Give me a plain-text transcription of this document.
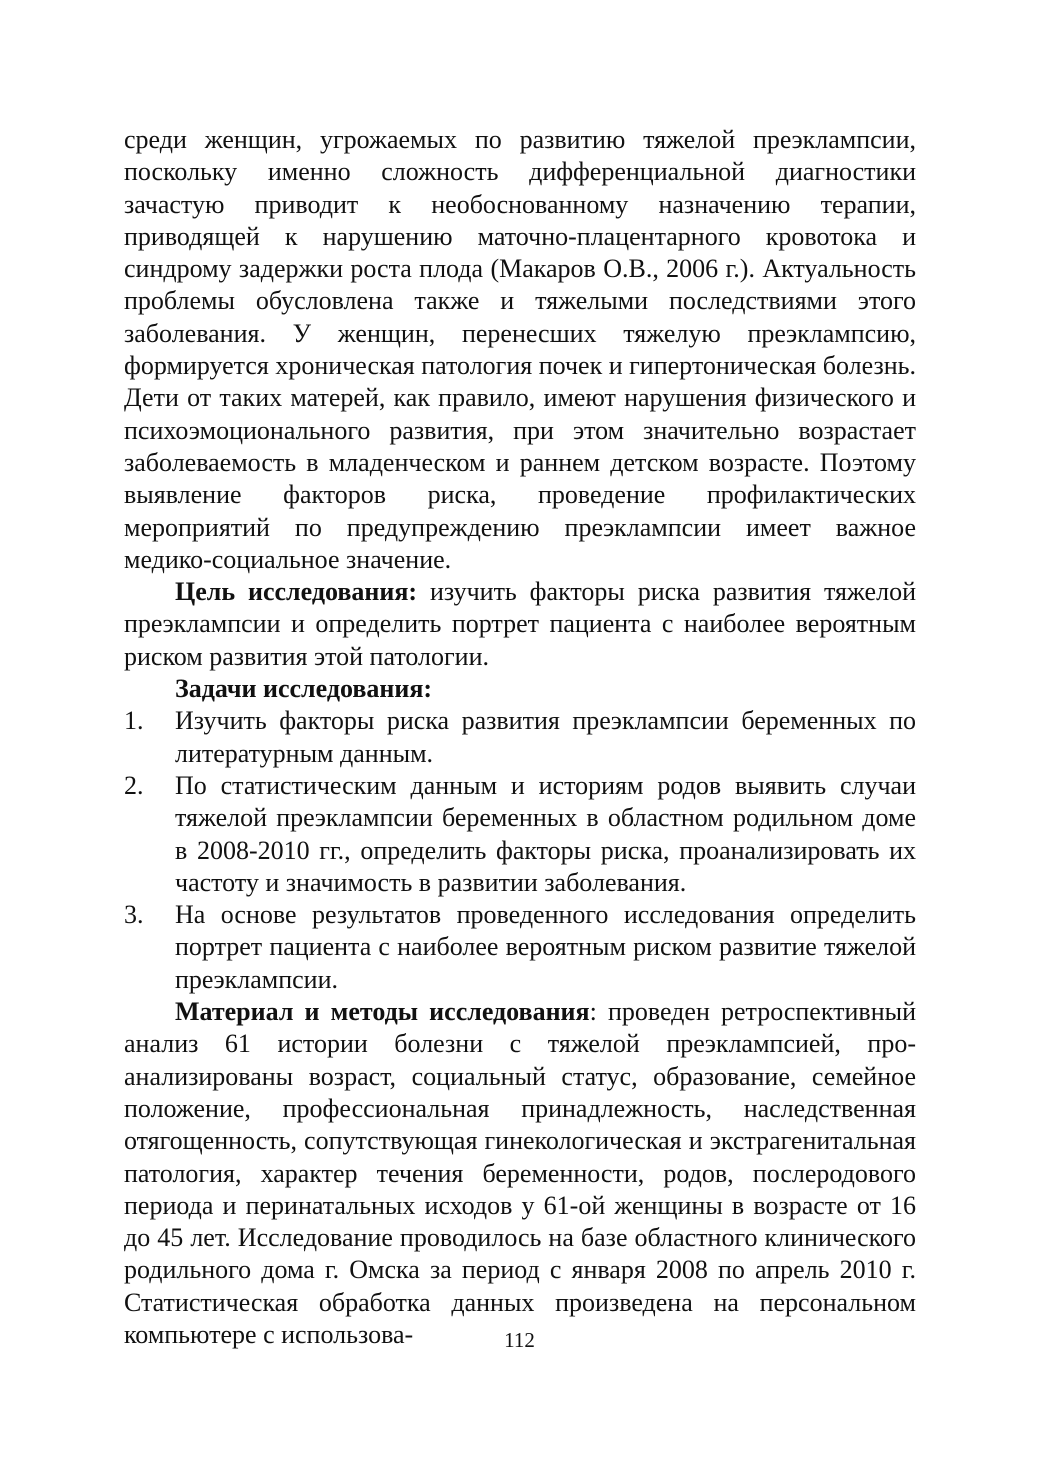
среди женщин, угрожаемых по развитию тяжелой преэклампсии, поскольку именно сложность дифференциальной диагностики зачастую приводит к необоснованному назначению терапии, приводящей к нарушению маточно-плацентарного кровотока и синдрому задержки роста плода (Макаров О.В., 2006 г.). Актуальность проблемы обусловлена также и тяжелыми последствиями этого заболевания. У женщин, перенесших тяжелую преэклампсию, формируется хроническая патология почек и гипертоническая болезнь. Дети от таких матерей, как правило, имеют нарушения физического и психоэмоционального развития, при этом значительно возрастает заболеваемость в младенческом и раннем детском возрасте. Поэтому выявление факторов риска, проведение профилактических мероприятий по предупреждению преэклампсии имеет важное медико-социальное значение.

Цель исследования: изучить факторы риска развития тяжелой преэклампсии и определить портрет пациента с наиболее вероятным риском развития этой патологии.

Задачи исследования:

1.	Изучить факторы риска развития преэклампсии беременных по литературным данным.
2.	По статистическим данным и историям родов выявить случаи тяжелой преэклампсии беременных в областном родильном доме в 2008-2010 гг., определить факторы риска, проанализировать их частоту и значимость в развитии заболевания.
3.	На основе результатов проведенного исследования определить портрет пациента с наиболее вероятным риском развитие тяжелой преэклампсии.

Материал и методы исследования: проведен ретроспективный анализ 61 истории болезни с тяжелой преэклампсией, проанализированы возраст, социальный статус, образование, семейное положение, профессиональная принадлежность, наследственная отягощенность, сопутствующая гинекологическая и экстрагенитальная патология, характер течения беременности, родов, послеродового периода и перинатальных исходов у 61-ой женщины в возрасте от 16 до 45 лет. Исследование проводилось на базе областного клинического родильного дома г. Омска за период с января 2008 по апрель 2010 г. Статистическая обработка данных произведена на персональном компьютере с использова-	112
